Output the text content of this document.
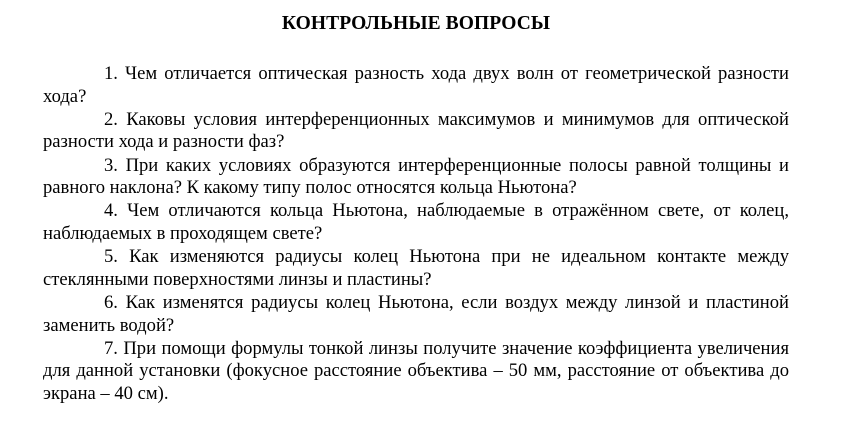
КОНТРОЛЬНЫЕ ВОПРОСЫ

1. Чем отличается оптическая разность хода двух волн от геометрической разности хода?

2. Каковы условия интерференционных максимумов и минимумов для оптической разности хода и разности фаз?

3. При каких условиях образуются интерференционные полосы равной толщины и равного наклона? К какому типу полос относятся кольца Ньютона?

4. Чем отличаются кольца Ньютона, наблюдаемые в отражённом свете, от колец, наблюдаемых в проходящем свете?

5. Как изменяются радиусы колец Ньютона при не идеальном контакте между стеклянными поверхностями линзы и пластины?

6. Как изменятся радиусы колец Ньютона, если воздух между линзой и пластиной заменить водой?

7. При помощи формулы тонкой линзы получите значение коэффициента увеличения для данной установки (фокусное расстояние объектива – 50 мм, расстояние от объектива до экрана – 40 см).
